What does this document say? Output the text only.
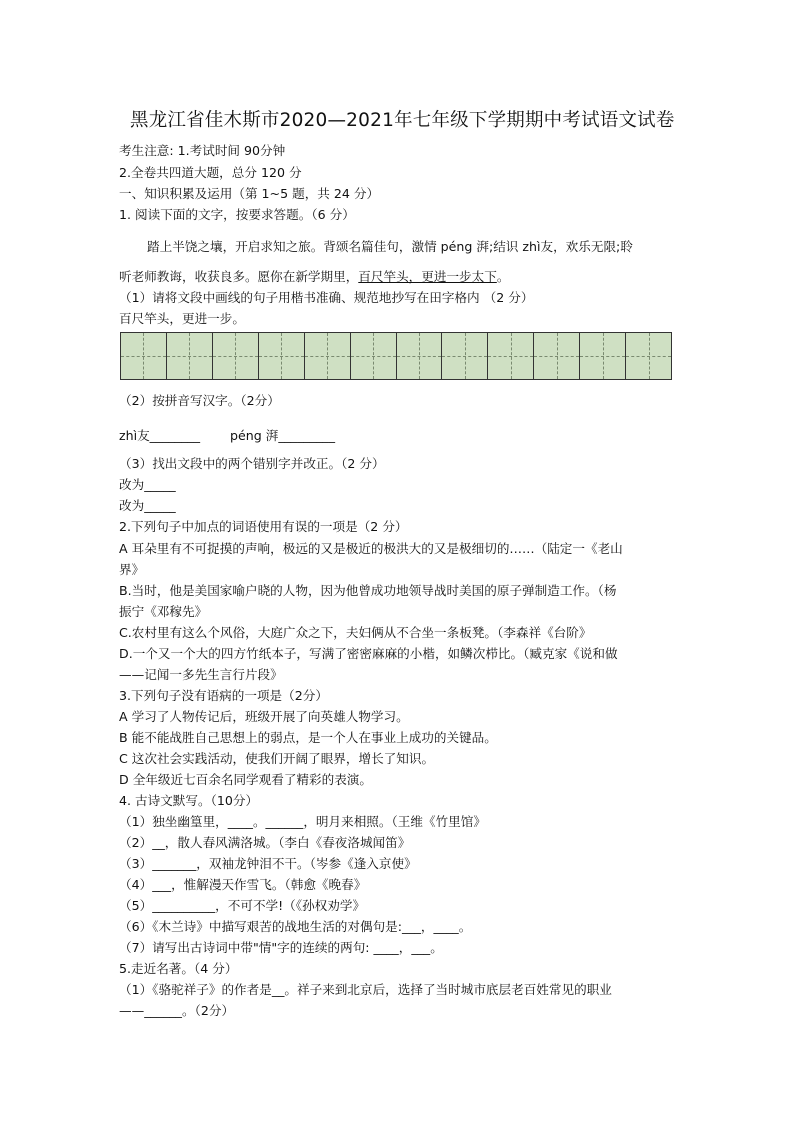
黑龙江省佳木斯市2020—2021年七年级下学期期中考试语文试卷
考生注意: 1.考试时间 90分钟
2.全卷共四道大题，总分 120 分
一、知识积累及运用（第 1~5 题，共 24 分）
1. 阅读下面的文字，按要求答题。（6 分）
踏上半饶之壤，开启求知之旅。背颂名篇佳句，激情 péng 湃;结识 zhì友，欢乐无限;聆
听老师教诲，收获良多。愿你在新学期里，百尺竿头，更进一步太下。
（1）请将文段中画线的句子用楷书准确、规范地抄写在田字格内 （2 分）
百尺竿头，更进一步。
（2）按拼音写汉字。（2分）
zhì友________ péng 湃_________
（3）找出文段中的两个错别字并改正。（2 分）
改为_____
改为_____
2.下列句子中加点的词语使用有误的一项是（2 分）
A 耳朵里有不可捉摸的声响，极远的又是极近的极洪大的又是极细切的……（陆定一《老山
界》
B.当时，他是美国家喻户晓的人物，因为他曾成功地领导战时美国的原子弹制造工作。（杨
振宁《邓稼先》
C.农村里有这么个风俗，大庭广众之下，夫妇俩从不合坐一条板凳。（李森祥《台阶》
D.一个又一个大的四方竹纸本子，写满了密密麻麻的小楷，如鳞次栉比。（臧克家《说和做
——记闻一多先生言行片段》
3.下列句子没有语病的一项是（2分）
A 学习了人物传记后，班级开展了向英雄人物学习。
B 能不能战胜自己思想上的弱点，是一个人在事业上成功的关键品。
C 这次社会实践活动，使我们开阔了眼界，增长了知识。
D 全年级近七百余名同学观看了精彩的表演。
4. 古诗文默写。（10分）
（1）独坐幽篁里，____。______，明月来相照。（王维《竹里馆》
（2）__，散人春风满洛城。（李白《春夜洛城闻笛》
（3）_______，双袖龙钟泪不干。（岑参《逢入京使》
（4）___，惟解漫天作雪飞。（韩愈《晚春》
（5）__________，不可不学!（《孙权劝学》
（6）《木兰诗》中描写艰苦的战地生活的对偶句是:___，____。
（7）请写出古诗词中带"情"字的连续的两句: ____，___。
5.走近名著。（4 分）
（1）《骆驼祥子》的作者是__。祥子来到北京后，选择了当时城市底层老百姓常见的职业
——______。（2分）
